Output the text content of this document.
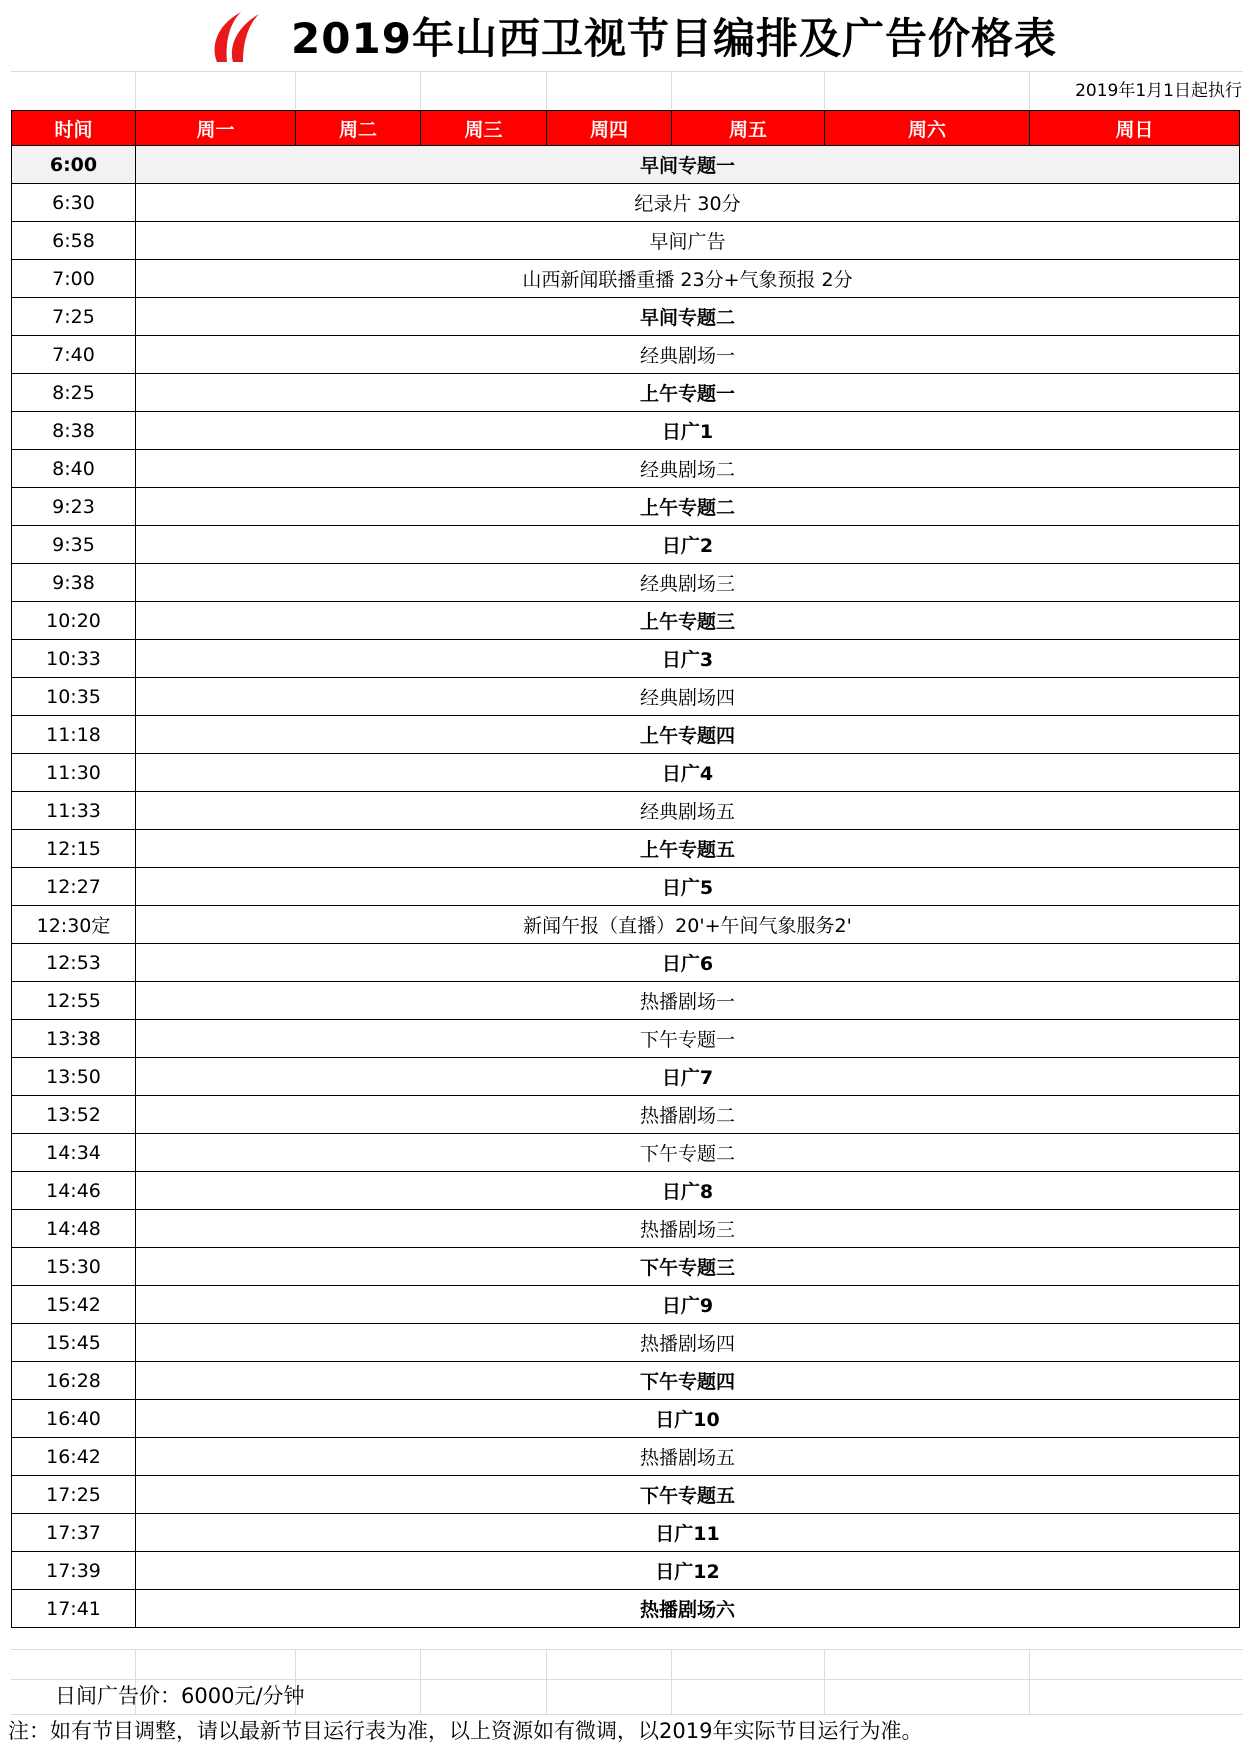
2019年山西卫视节目编排及广告价格表
2019年1月1日起执行
时间	周一	周二	周三	周四	周五	周六	周日
6:00	早间专题一						
6:30	纪录片 30分						
6:58	早间广告						
7:00	山西新闻联播重播 23分+气象预报 2分						
7:25	早间专题二						
7:40	经典剧场一						
8:25	上午专题一						
8:38	日广1						
8:40	经典剧场二						
9:23	上午专题二						
9:35	日广2						
9:38	经典剧场三						
10:20	上午专题三						
10:33	日广3						
10:35	经典剧场四						
11:18	上午专题四						
11:30	日广4						
11:33	经典剧场五						
12:15	上午专题五						
12:27	日广5						
12:30定	新闻午报（直播）20'+午间气象服务2'						
12:53	日广6						
12:55	热播剧场一						
13:38	下午专题一						
13:50	日广7						
13:52	热播剧场二						
14:34	下午专题二						
14:46	日广8						
14:48	热播剧场三						
15:30	下午专题三						
15:42	日广9						
15:45	热播剧场四						
16:28	下午专题四						
16:40	日广10						
16:42	热播剧场五						
17:25	下午专题五						
17:37	日广11						
17:39	日广12						
17:41	热播剧场六						
日间广告价：6000元/分钟
注：如有节目调整，请以最新节目运行表为准，以上资源如有微调，以2019年实际节目运行为准。
